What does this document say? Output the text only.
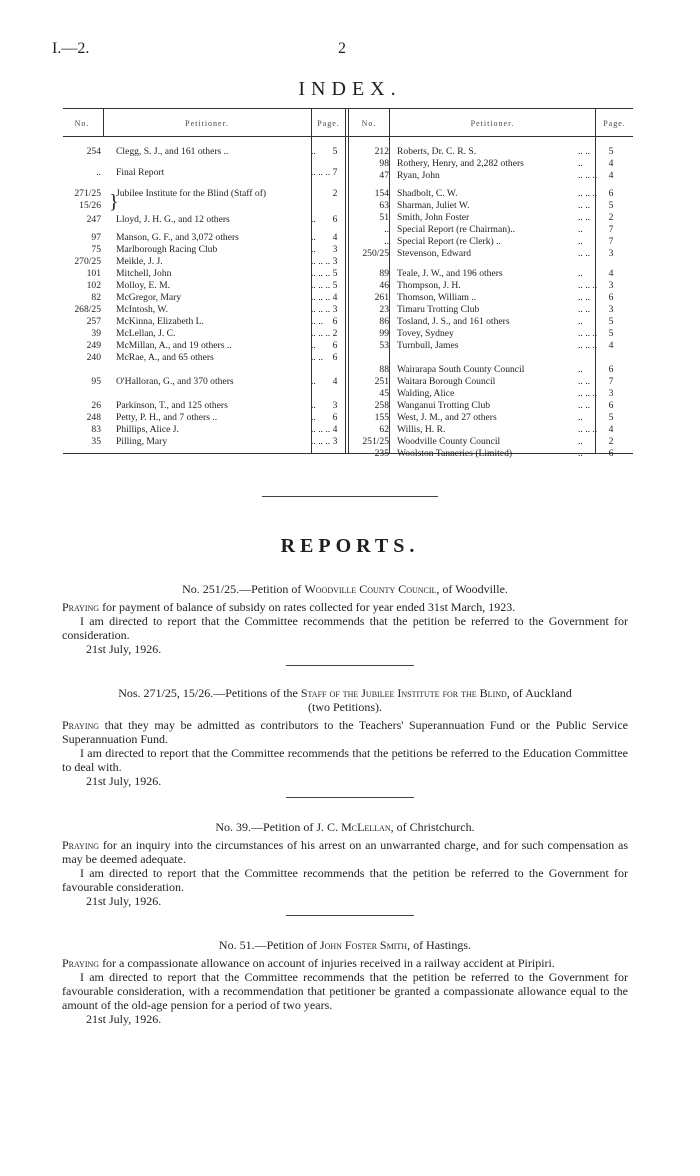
I.—2.	2
INDEX.
No.	Petitioner.	Page.	No.	Petitioner.	Page.
}
254 Clegg, S. J., and 161 others ..	..	5
.. Final Report	.. .. .. 7
271/25 Jubilee Institute for the Blind (Staff of)	2
15/26
247 Lloyd, J. H. G., and 12 others	..	6
97 Manson, G. F., and 3,072 others	..	4
75 Marlborough Racing Club	..	3
270/25 Meikle, J. J.	.. .. .. 3
101 Mitchell, John	.. .. .. 5
102 Molloy, E. M.	.. .. .. 5
82 McGregor, Mary	.. .. .. 4
268/25 McIntosh, W.	.. .. .. 3
257 McKinna, Elizabeth L.	.. .. 6
39 McLellan, J. C.	.. .. .. 2
249 McMillan, A., and 19 others ..	..	6
240 McRae, A., and 65 others	.. .. 6
95 O'Halloran, G., and 370 others	..	4
26 Parkinson, T., and 125 others	..	3
248 Petty, P. H., and 7 others ..	..	6
83 Phillips, Alice J.	.. .. .. 4
35 Pilling, Mary	.. .. .. 3
212 Roberts, Dr. C. R. S.	.. ..	5
98 Rothery, Henry, and 2,282 others	..	4
47 Ryan, John	.. .. ..	4
154 Shadbolt, C. W.	.. .. ..	6
63 Sharman, Juliet W.	.. ..	5
51 Smith, John Foster	.. ..	2
.. Special Report (re Chairman)..	..	7
.. Special Report (re Clerk) ..	..	7
250/25 Stevenson, Edward	.. ..	3
89 Teale, J. W., and 196 others	..	4
46 Thompson, J. H.	.. .. ..	3
261 Thomson, William ..	.. ..	6
23 Timaru Trotting Club	.. ..	3
86 Tosland, J. S., and 161 others	..	5
99 Tovey, Sydney	.. .. ..	5
53 Turnbull, James	.. .. ..	4
88 Wairarapa South County Council	..	6
251 Waitara Borough Council	.. ..	7
45 Walding, Alice	.. .. ..	3
258 Wanganui Trotting Club	.. ..	6
155 West, J. M., and 27 others	..	5
62 Willis, H. R.	.. .. ..	4
251/25 Woodville County Council	..	2
235 Woolston Tanneries (Limited)	..	6
REPORTS.
No. 251/25.—Petition of Woodville County Council, of Woodville.

Praying for payment of balance of subsidy on rates collected for year ended 31st March, 1923.

I am directed to report that the Committee recommends that the petition be referred to the Government for consideration.

21st July, 1926.

Nos. 271/25, 15/26.—Petitions of the Staff of the Jubilee Institute for the Blind, of Auckland
(two Petitions).

Praying that they may be admitted as contributors to the Teachers' Superannuation Fund or the Public Service Superannuation Fund.

I am directed to report that the Committee recommends that the petitions be referred to the Education Committee to deal with.

21st July, 1926.

No. 39.—Petition of J. C. McLellan, of Christchurch.

Praying for an inquiry into the circumstances of his arrest on an unwarranted charge, and for such compensation as may be deemed adequate.

I am directed to report that the Committee recommends that the petition be referred to the Government for favourable consideration.

21st July, 1926.

No. 51.—Petition of John Foster Smith, of Hastings.

Praying for a compassionate allowance on account of injuries received in a railway accident at Piripiri.

I am directed to report that the Committee recommends that the petition be referred to the Government for favourable consideration, with a recommendation that petitioner be granted a compassionate allowance equal to the amount of the old-age pension for a period of two years.

21st July, 1926.
